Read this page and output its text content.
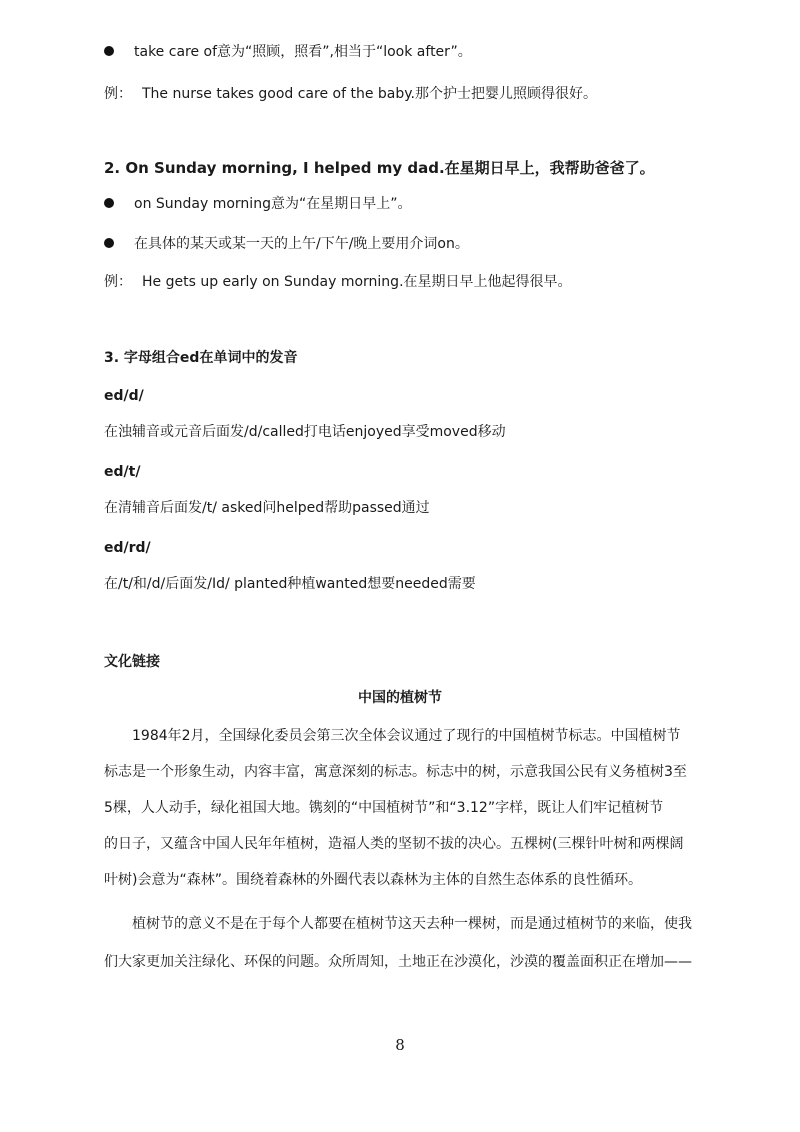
take care of意为“照顾，照看”,相当于“look after”。
例： The nurse takes good care of the baby.那个护士把婴儿照顾得很好。
2. On Sunday morning, I helped my dad.在星期日早上，我帮助爸爸了。
on Sunday morning意为“在星期日早上”。
在具体的某天或某一天的上午/下午/晚上要用介词on。
例： He gets up early on Sunday morning.在星期日早上他起得很早。
3. 字母组合ed在单词中的发音
ed/d/
在浊辅音或元音后面发/d/called打电话enjoyed享受moved移动
ed/t/
在清辅音后面发/t/ asked问helped帮助passed通过
ed/rd/
在/t/和/d/后面发/Id/ planted种植wanted想要needed需要
文化链接
中国的植树节
　　1984年2月，全国绿化委员会第三次全体会议通过了现行的中国植树节标志。中国植树节
标志是一个形象生动，内容丰富，寓意深刻的标志。标志中的树，示意我国公民有义务植树3至
5棵，人人动手，绿化祖国大地。镌刻的“中国植树节”和“3.12”字样，既让人们牢记植树节
的日子，又蕴含中国人民年年植树，造福人类的坚韧不拔的决心。五棵树(三棵针叶树和两棵阔
叶树)会意为“森林”。围绕着森林的外圈代表以森林为主体的自然生态体系的良性循环。
　　植树节的意义不是在于每个人都要在植树节这天去种一棵树，而是通过植树节的来临，使我
们大家更加关注绿化、环保的问题。众所周知，土地正在沙漠化，沙漠的覆盖面积正在增加——
8
